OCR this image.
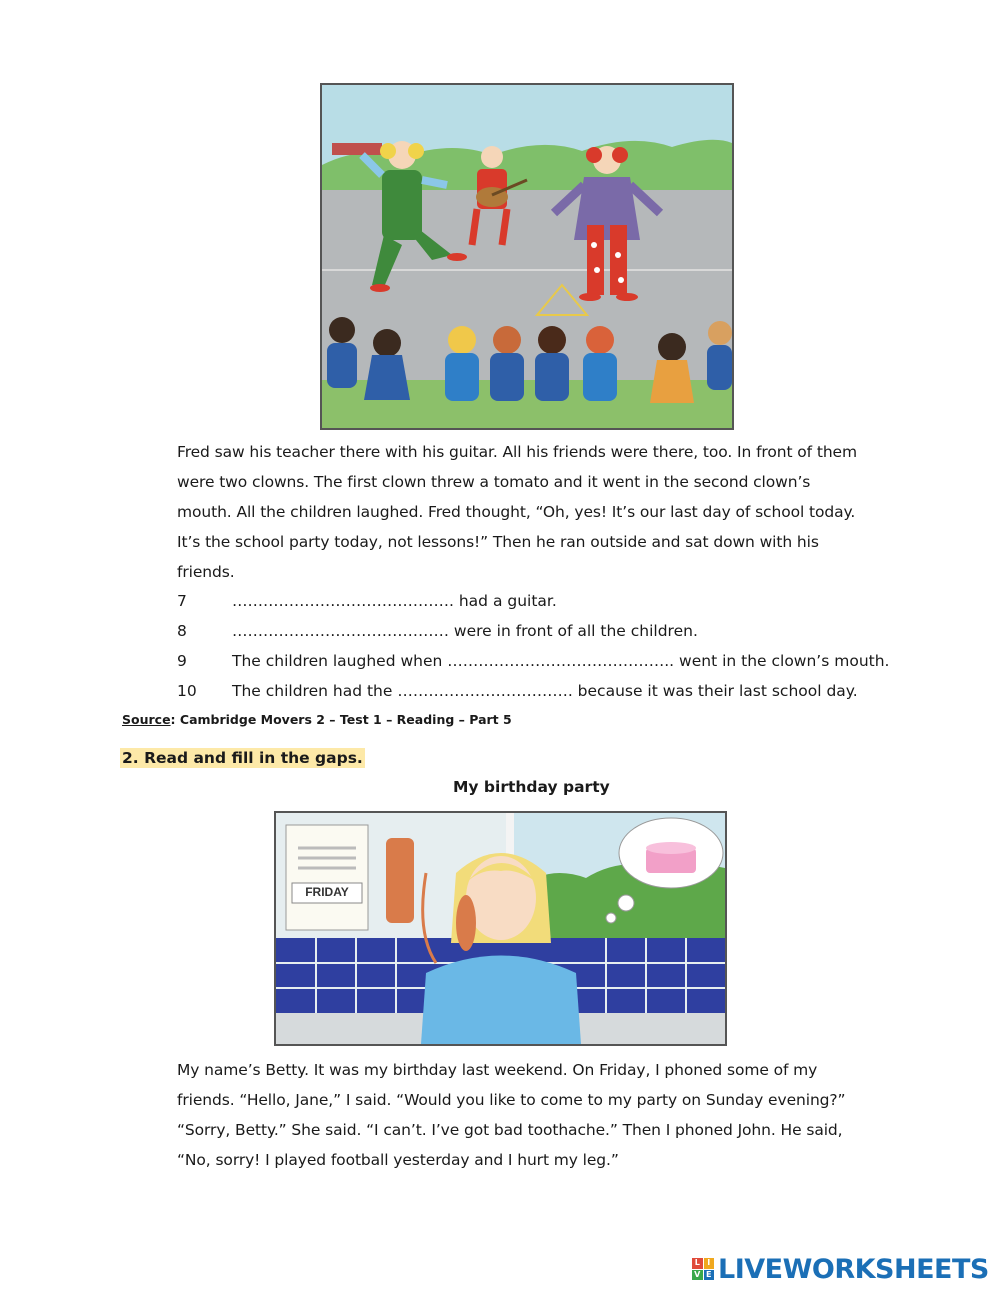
Fred saw his teacher there with his guitar. All his friends were there, too. In front of them
were two clowns. The first clown threw a tomato and it went in the second clown’s
mouth. All the children laughed. Fred thought, “Oh, yes! It’s our last day of school today.
It’s the school party today, not lessons!” Then he ran outside and sat down with his
friends.
7	……………………………………. had a guitar.
8	…………………………………… were in front of all the children.
9	The children laughed when …………………………………….. went in the clown’s mouth.
10 The children had the ……………………………. because it was their last school day.
Source: Cambridge Movers 2 – Test 1 – Reading – Part 5
2. Read and fill in the gaps.
My birthday party
FRIDAY
My name’s Betty. It was my birthday last weekend. On Friday, I phoned some of my
friends. “Hello, Jane,” I said. “Would you like to come to my party on Sunday evening?”
“Sorry, Betty.” She said. “I can’t. I’ve got bad toothache.” Then I phoned John. He said,
“No, sorry! I played football yesterday and I hurt my leg.”
L I
V E LIVEWORKSHEETS
